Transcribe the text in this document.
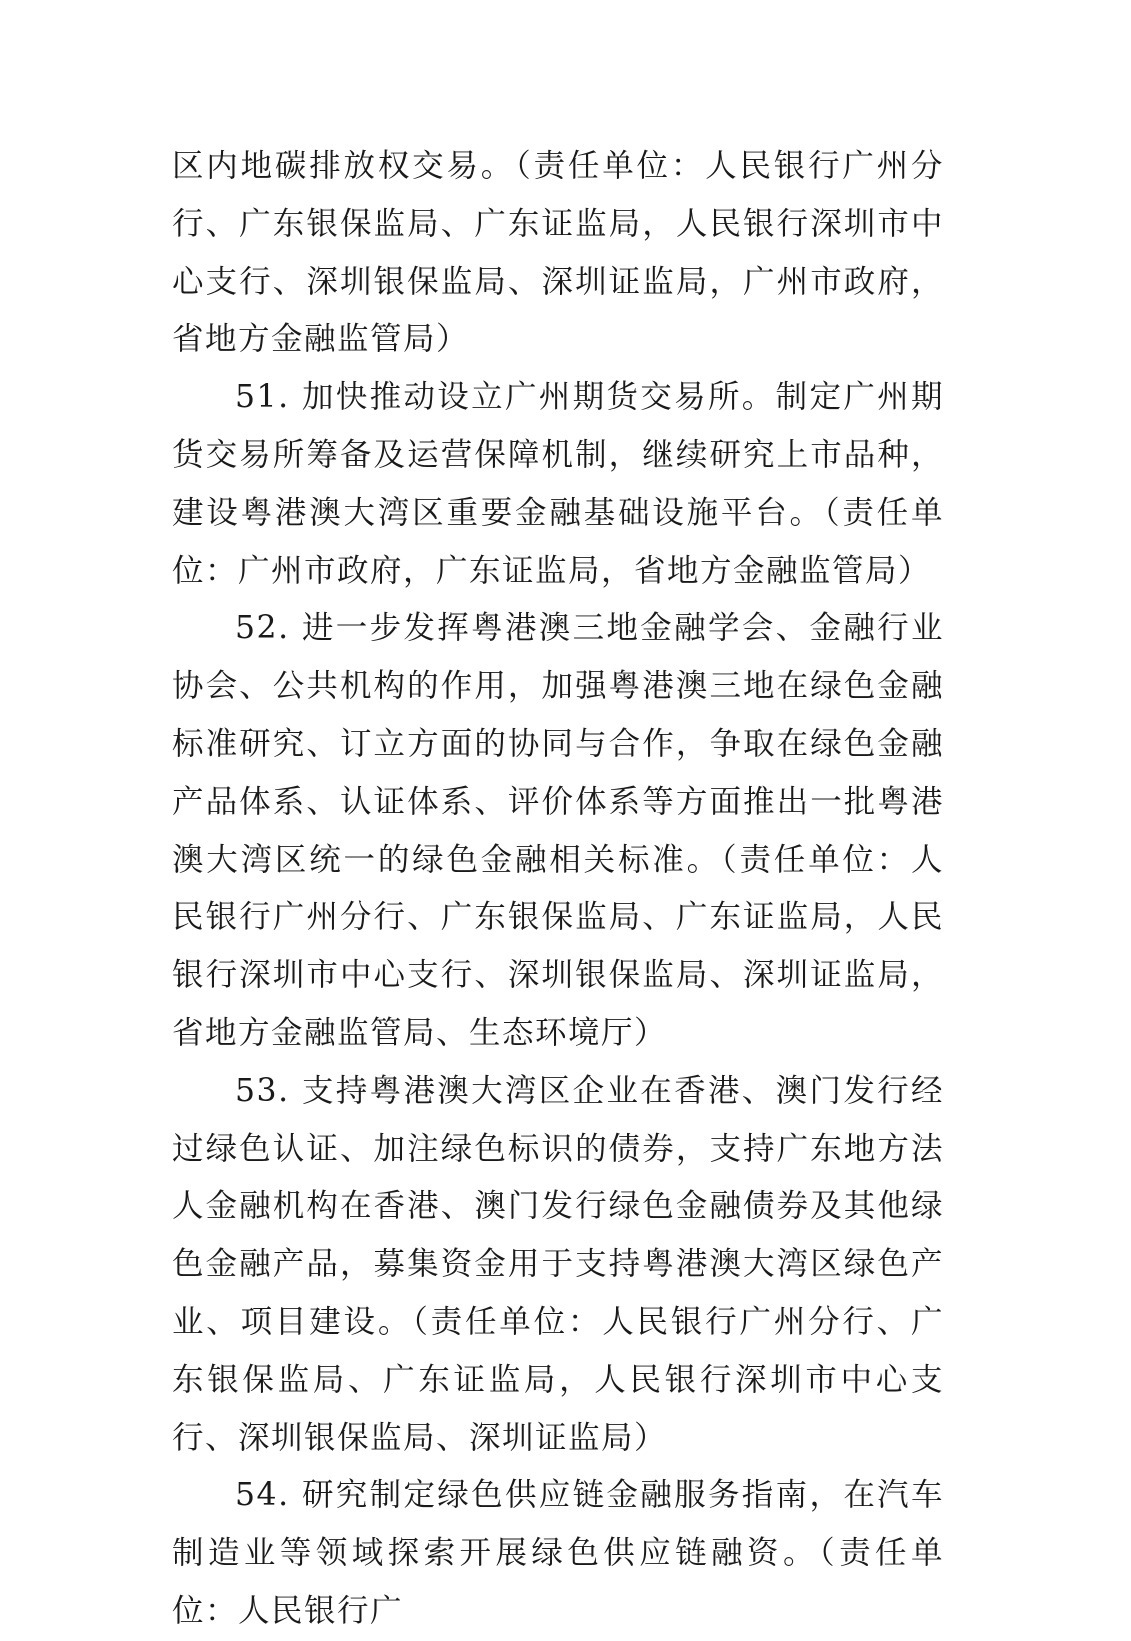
区内地碳排放权交易。（责任单位：人民银行广州分行、广东银保监局、广东证监局，人民银行深圳市中心支行、深圳银保监局、深圳证监局，广州市政府，省地方金融监管局）

51. 加快推动设立广州期货交易所。制定广州期货交易所筹备及运营保障机制，继续研究上市品种，建设粤港澳大湾区重要金融基础设施平台。（责任单位：广州市政府，广东证监局，省地方金融监管局）

52. 进一步发挥粤港澳三地金融学会、金融行业协会、公共机构的作用，加强粤港澳三地在绿色金融标准研究、订立方面的协同与合作，争取在绿色金融产品体系、认证体系、评价体系等方面推出一批粤港澳大湾区统一的绿色金融相关标准。（责任单位：人民银行广州分行、广东银保监局、广东证监局，人民银行深圳市中心支行、深圳银保监局、深圳证监局，省地方金融监管局、生态环境厅）

53. 支持粤港澳大湾区企业在香港、澳门发行经过绿色认证、加注绿色标识的债券，支持广东地方法人金融机构在香港、澳门发行绿色金融债券及其他绿色金融产品，募集资金用于支持粤港澳大湾区绿色产业、项目建设。（责任单位：人民银行广州分行、广东银保监局、广东证监局，人民银行深圳市中心支行、深圳银保监局、深圳证监局）

54. 研究制定绿色供应链金融服务指南，在汽车制造业等领域探索开展绿色供应链融资。（责任单位：人民银行广
